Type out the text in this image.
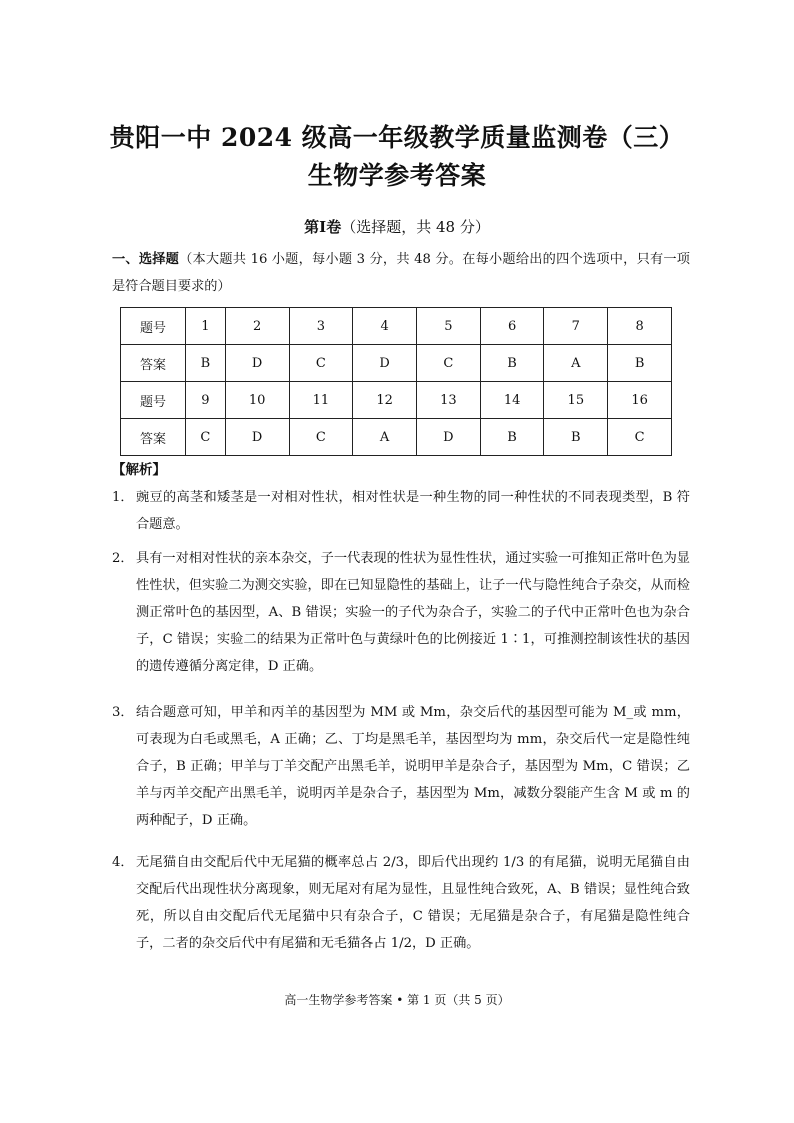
贵阳一中 2024 级高一年级教学质量监测卷（三）
生物学参考答案
第Ⅰ卷（选择题，共 48 分）
一、选择题（本大题共 16 小题，每小题 3 分，共 48 分。在每小题给出的四个选项中，只有一项是符合题目要求的）
题号	1	2	3	4	5	6	7	8
答案	B	D	C	D	C	B	A	B
题号	9	10	11	12	13	14	15	16
答案	C	D	C	A	D	B	B	C
【解析】
1． 豌豆的高茎和矮茎是一对相对性状，相对性状是一种生物的同一种性状的不同表现类型，B 符合题意。
2． 具有一对相对性状的亲本杂交，子一代表现的性状为显性性状，通过实验一可推知正常叶色为显性性状，但实验二为测交实验，即在已知显隐性的基础上，让子一代与隐性纯合子杂交，从而检测正常叶色的基因型，A、B 错误；实验一的子代为杂合子，实验二的子代中正常叶色也为杂合子，C 错误；实验二的结果为正常叶色与黄绿叶色的比例接近 1∶1，可推测控制该性状的基因的遗传遵循分离定律，D 正确。
3． 结合题意可知，甲羊和丙羊的基因型为 MM 或 Mm，杂交后代的基因型可能为 M_或 mm，可表现为白毛或黑毛，A 正确；乙、丁均是黑毛羊，基因型均为 mm，杂交后代一定是隐性纯合子，B 正确；甲羊与丁羊交配产出黑毛羊，说明甲羊是杂合子，基因型为 Mm，C 错误；乙羊与丙羊交配产出黑毛羊，说明丙羊是杂合子，基因型为 Mm，减数分裂能产生含 M 或 m 的两种配子，D 正确。
4． 无尾猫自由交配后代中无尾猫的概率总占 2/3，即后代出现约 1/3 的有尾猫，说明无尾猫自由交配后代出现性状分离现象，则无尾对有尾为显性，且显性纯合致死，A、B 错误；显性纯合致死，所以自由交配后代无尾猫中只有杂合子，C 错误；无尾猫是杂合子，有尾猫是隐性纯合子，二者的杂交后代中有尾猫和无毛猫各占 1/2，D 正确。
高一生物学参考答案 • 第 1 页（共 5 页）
